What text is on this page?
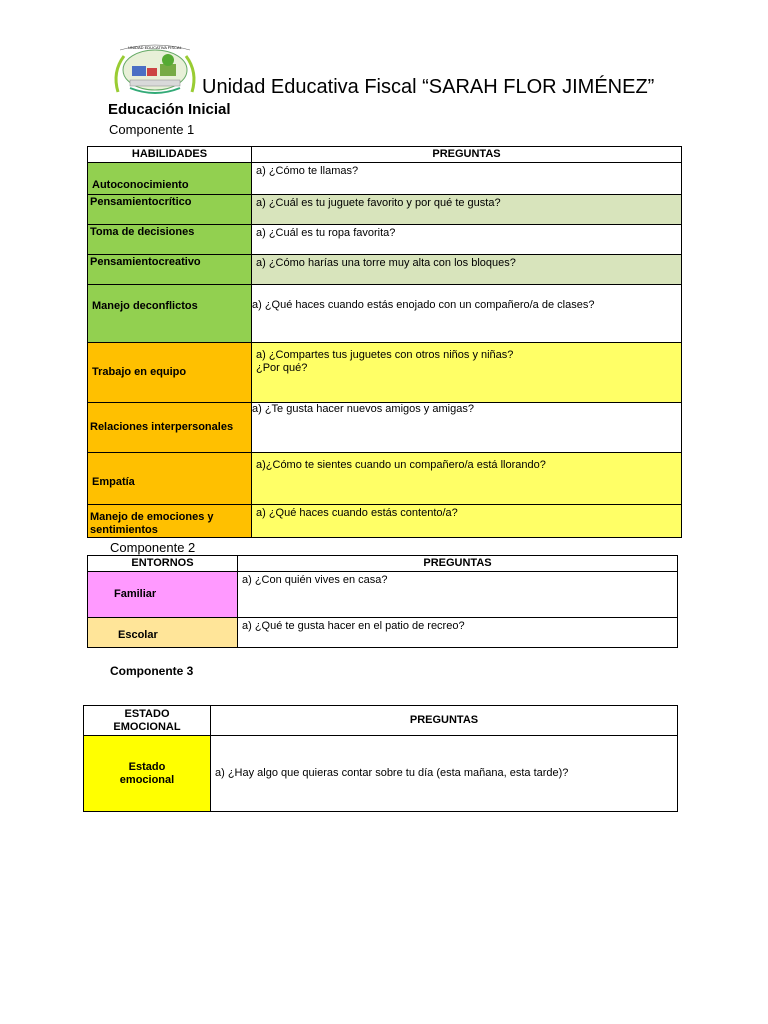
UNIDAD EDUCATIVA FISCAL
Unidad Educativa Fiscal “SARAH FLOR JIMÉNEZ”
Educación Inicial
Componente 1
HABILIDADES	PREGUNTAS
Autoconocimiento	a) ¿Cómo te llamas?
Pensamientocrítico	a) ¿Cuál es tu juguete favorito y por qué te gusta?
Toma de decisiones	a) ¿Cuál es tu ropa favorita?
Pensamientocreativo	a) ¿Cómo harías una torre muy alta con los bloques?
Manejo deconflictos	a) ¿Qué haces cuando estás enojado con un compañero/a de clases?
Trabajo en equipo	a) ¿Compartes tus juguetes con otros niños y niñas?
¿Por qué?

Relaciones interpersonales	a) ¿Te gusta hacer nuevos amigos y amigas?
Empatía	a)¿Cómo te sientes cuando un compañero/a está llorando?
Manejo de emociones y sentimientos	a) ¿Qué haces cuando estás contento/a?
Componente 2
ENTORNOS	PREGUNTAS
Familiar	a) ¿Con quién vives en casa?
Escolar	a) ¿Qué te gusta hacer en el patio de recreo?
Componente 3
ESTADO EMOCIONAL	PREGUNTAS
Estado emocional	a) ¿Hay algo que quieras contar sobre tu día (esta mañana, esta tarde)?
